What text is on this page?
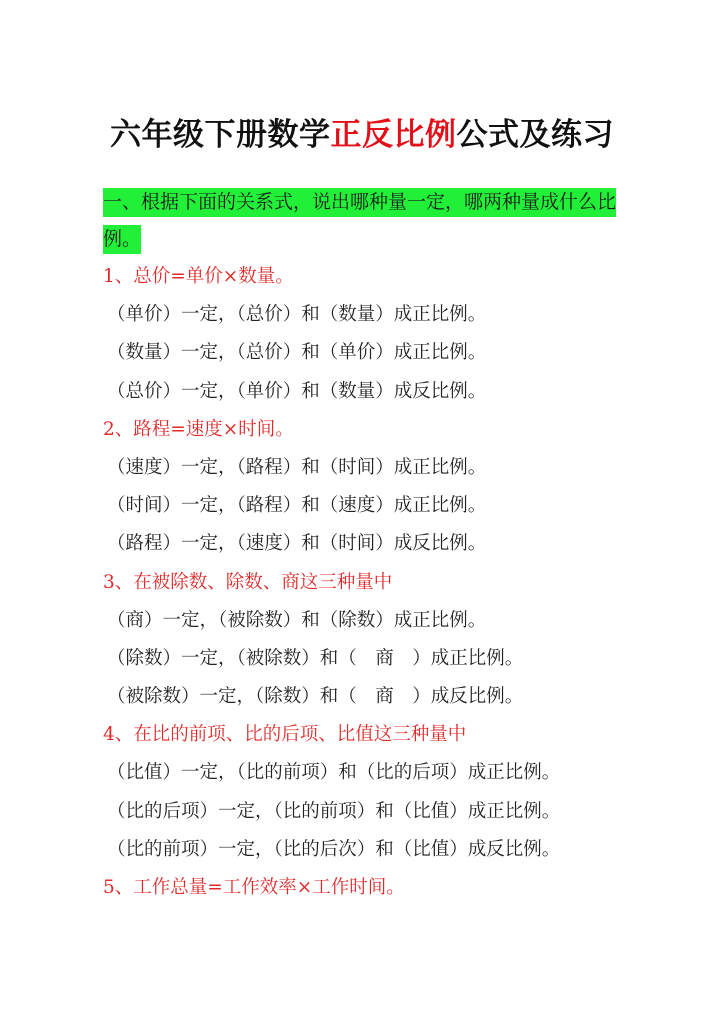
六年级下册数学正反比例公式及练习
一、根据下面的关系式，说出哪种量一定，哪两种量成什么比例。
1、总价=单价×数量。
（单价）一定，（总价）和（数量）成正比例。
（数量）一定，（总价）和（单价）成正比例。
（总价）一定，（单价）和（数量）成反比例。
2、路程=速度×时间。
（速度）一定，（路程）和（时间）成正比例。
（时间）一定，（路程）和（速度）成正比例。
（路程）一定，（速度）和（时间）成反比例。
3、在被除数、除数、商这三种量中
（商）一定，（被除数）和（除数）成正比例。
（除数）一定，（被除数）和（　商　）成正比例。
（被除数）一定，（除数）和（　商　）成反比例。
4、在比的前项、比的后项、比值这三种量中
（比值）一定，（比的前项）和（比的后项）成正比例。
（比的后项）一定，（比的前项）和（比值）成正比例。
（比的前项）一定，（比的后次）和（比值）成反比例。
5、工作总量=工作效率×工作时间。
